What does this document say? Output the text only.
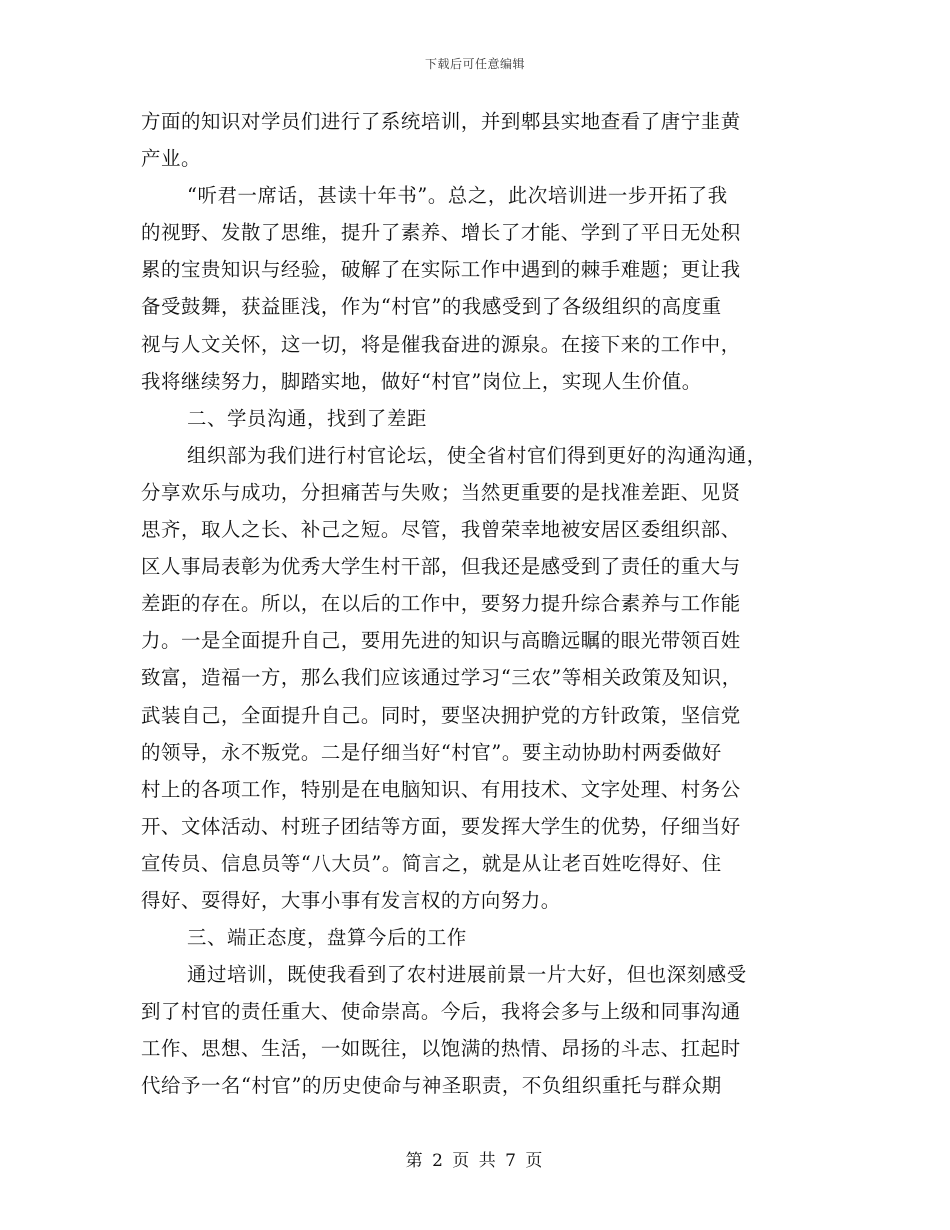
下载后可任意编辑
方面的知识对学员们进行了系统培训，并到郫县实地查看了唐宁韭黄
产业。
“听君一席话，甚读十年书”。总之，此次培训进一步开拓了我
的视野、发散了思维，提升了素养、增长了才能、学到了平日无处积
累的宝贵知识与经验，破解了在实际工作中遇到的棘手难题；更让我
备受鼓舞，获益匪浅，作为“村官”的我感受到了各级组织的高度重
视与人文关怀，这一切，将是催我奋进的源泉。在接下来的工作中，
我将继续努力，脚踏实地，做好“村官”岗位上，实现人生价值。
二、学员沟通，找到了差距
组织部为我们进行村官论坛，使全省村官们得到更好的沟通沟通，
分享欢乐与成功，分担痛苦与失败；当然更重要的是找准差距、见贤
思齐，取人之长、补己之短。尽管，我曾荣幸地被安居区委组织部、
区人事局表彰为优秀大学生村干部，但我还是感受到了责任的重大与
差距的存在。所以，在以后的工作中，要努力提升综合素养与工作能
力。一是全面提升自己，要用先进的知识与高瞻远瞩的眼光带领百姓
致富，造福一方，那么我们应该通过学习“三农”等相关政策及知识，
武装自己，全面提升自己。同时，要坚决拥护党的方针政策，坚信党
的领导，永不叛党。二是仔细当好“村官”。要主动协助村两委做好
村上的各项工作，特别是在电脑知识、有用技术、文字处理、村务公
开、文体活动、村班子团结等方面，要发挥大学生的优势，仔细当好
宣传员、信息员等“八大员”。简言之，就是从让老百姓吃得好、住
得好、耍得好，大事小事有发言权的方向努力。
三、端正态度，盘算今后的工作
通过培训，既使我看到了农村进展前景一片大好，但也深刻感受
到了村官的责任重大、使命崇高。今后，我将会多与上级和同事沟通
工作、思想、生活，一如既往，以饱满的热情、昂扬的斗志、扛起时
代给予一名“村官”的历史使命与神圣职责，不负组织重托与群众期
第 2 页 共 7 页
